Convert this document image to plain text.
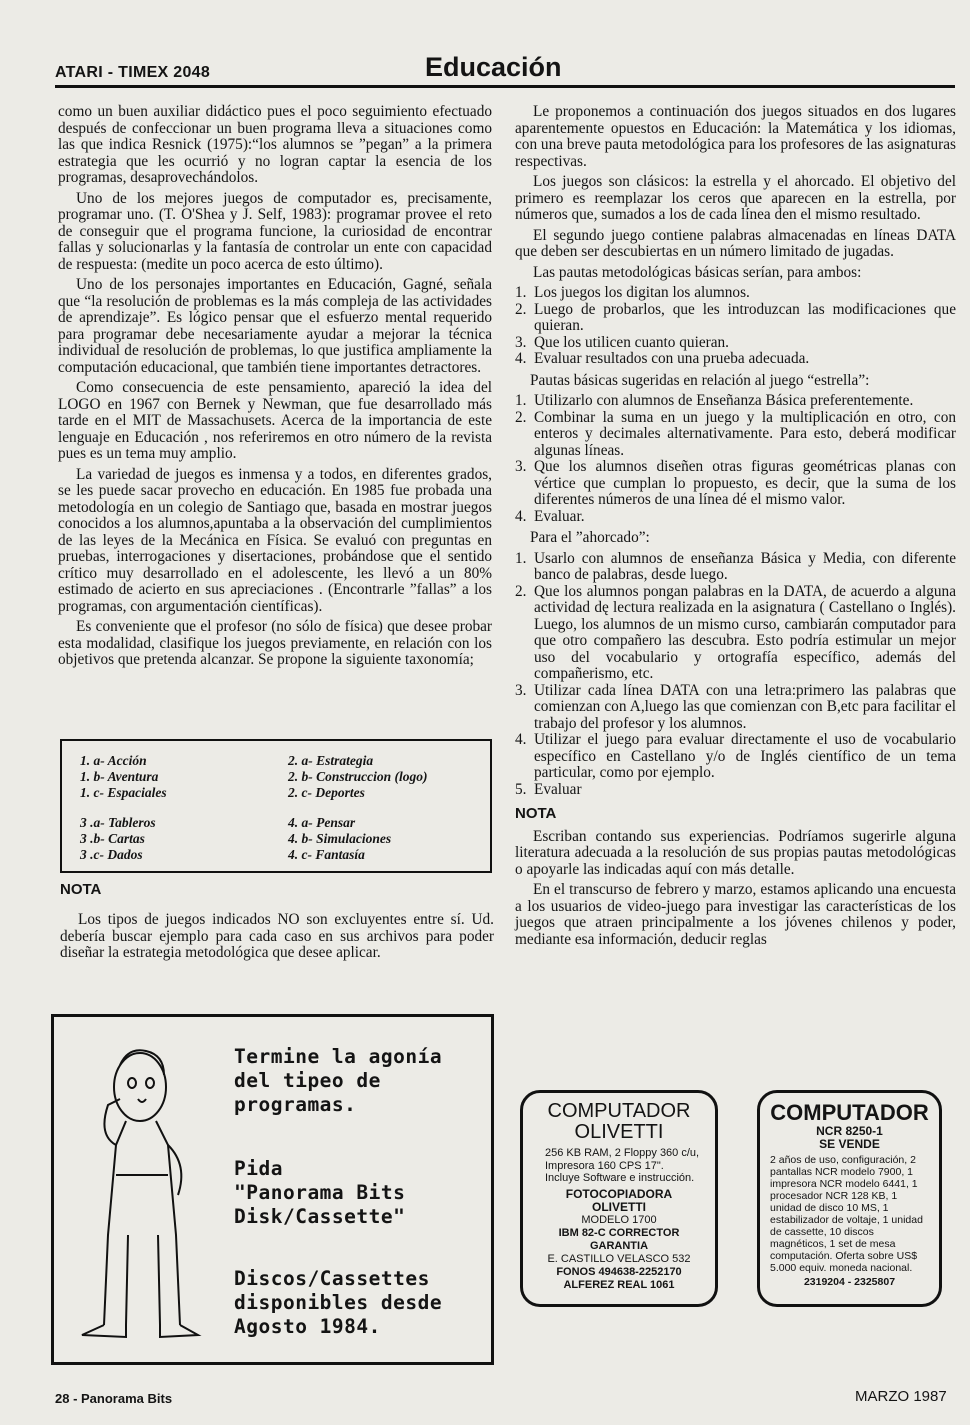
ATARI - TIMEX 2048	Educación

como un buen auxiliar didáctico pues el poco seguimiento efectuado después de confeccionar un buen programa lleva a situaciones como las que indica Resnick (1975):“los alumnos se ”pegan” a la primera estrategia que les ocurrió y no logran captar la esencia de los programas, desaprovechándolos.

Uno de los mejores juegos de computador es, precisamente, programar uno. (T. O'Shea y J. Self, 1983): programar provee el reto de conseguir que el programa funcione, la curiosidad de encontrar fallas y solucionarlas y la fantasía de controlar un ente con capacidad de respuesta: (medite un poco acerca de esto último).

Uno de los personajes importantes en Educación, Gagné, señala que “la resolución de problemas es la más compleja de las actividades de aprendizaje”. Es lógico pensar que el esfuerzo mental requerido para programar debe necesariamente ayudar a mejorar la técnica individual de resolución de problemas, lo que justifica ampliamente la computación educacional, que también tiene importantes detractores.

Como consecuencia de este pensamiento, apareció la idea del LOGO en 1967 con Bernek y Newman, que fue desarrollado más tarde en el MIT de Massachusets. Acerca de la importancia de este lenguaje en Educación , nos referiremos en otro número de la revista pues es un tema muy amplio.

La variedad de juegos es inmensa y a todos, en diferentes grados, se les puede sacar provecho en educación. En 1985 fue probada una metodología en un colegio de Santiago que, basada en mostrar juegos conocidos a los alumnos,apuntaba a la observación del cumplimientos de las leyes de la Mecánica en Física. Se evaluó con preguntas en pruebas, interrogaciones y disertaciones, probándose que el sentido crítico muy desarrollado en el adolescente, les llevó a un 80% estimado de acierto en sus apreciaciones . (Encontrarle ”fallas” a los programas, con argumentación científicas).

Es conveniente que el profesor (no sólo de física) que desee probar esta modalidad, clasifique los juegos previamente, en relación con los objetivos que pretenda alcanzar. Se propone la siguiente taxonomía;

1. a- Acción
1. b- Aventura
1. c- Espaciales
3 .a- Tableros
3 .b- Cartas
3 .c- Dados
2. a- Estrategia
2. b- Construccion (logo)
2. c- Deportes
4. a- Pensar
4. b- Simulaciones
4. c- Fantasía
NOTA

Los tipos de juegos indicados NO son excluyentes entre sí. Ud. debería buscar ejemplo para cada caso en sus archivos para poder diseñar la estrategia metodológica que desee aplicar.

Le proponemos a continuación dos juegos situados en dos lugares aparentemente opuestos en Educación: la Matemática y los idiomas, con una breve pauta metodológica para los profesores de las asignaturas respectivas.

Los juegos son clásicos: la estrella y el ahorcado. El objetivo del primero es reemplazar los ceros que aparecen en la estrella, por números que, sumados a los de cada línea den el mismo resultado.

El segundo juego contiene palabras almacenadas en líneas DATA que deben ser descubiertas en un número limitado de jugadas.

Las pautas metodológicas básicas serían, para ambos:

1. Los juegos los digitan los alumnos.
2. Luego de probarlos, que les introduzcan las modificaciones que quieran.
3. Que los utilicen cuanto quieran.
4. Evaluar resultados con una prueba adecuada.

Pautas básicas sugeridas en relación al juego “estrella”:

1. Utilizarlo con alumnos de Enseñanza Básica preferentemente.
2. Combinar la suma en un juego y la multiplicación en otro, con enteros y decimales alternativamente. Para esto, deberá modificar algunas líneas.
3. Que los alumnos diseñen otras figuras geométricas planas con vértice que cumplan lo propuesto, es decir, que la suma de los diferentes números de una línea dé el mismo valor.
4. Evaluar.

Para el ”ahorcado”:

1. Usarlo con alumnos de enseñanza Básica y Media, con diferente banco de palabras, desde luego.
2. Que los alumnos pongan palabras en la DATA, de acuerdo a alguna actividad dę lectura realizada en la asignatura ( Castellano o Inglés). Luego, los alumnos de un mismo curso, cambiarán computador para que otro compañero las descubra. Esto podría estimular un mejor uso del vocabulario y ortografía específico, además del compañerismo, etc.
3. Utilizar cada línea DATA con una letra:primero las palabras que comienzan con A,luego las que comienzan con B,etc para facilitar el trabajo del profesor y los alumnos.
4. Utilizar el juego para evaluar directamente el uso de vocabulario específico en Castellano y/o de Inglés científico de un tema particular, como por ejemplo.
5. Evaluar
NOTA

Escriban contando sus experiencias. Podríamos sugerirle alguna literatura adecuada a la resolución de sus propias pautas metodológicas o apoyarle las indicadas aquí con más detalle.

En el transcurso de febrero y marzo, estamos aplicando una encuesta a los usuarios de video-juego para investigar las características de los juegos que atraen principalmente a los jóvenes chilenos y poder, mediante esa información, deducir reglas

Termine la agonía
del tipeo de
programas.
Pida
"Panorama Bits
Disk/Cassette"
Discos/Cassettes
disponibles desde
Agosto 1984.
COMPUTADOR
OLIVETTI
256 KB RAM, 2 Floppy 360 c/u, Impresora 160 CPS 17". Incluye Software e instrucción.
FOTOCOPIADORA
OLIVETTI
MODELO 1700
IBM 82-C CORRECTOR
GARANTIA
E. CASTILLO VELASCO 532
FONOS 494638-2252170
ALFEREZ REAL 1061
COMPUTADOR
NCR 8250-1
SE VENDE
2 años de uso, configuración, 2 pantallas NCR modelo 7900, 1 impresora NCR modelo 6441, 1 procesador NCR 128 KB, 1 unidad de disco 10 MS, 1 estabilizador de voltaje, 1 unidad de cassette, 10 discos magnéticos, 1 set de mesa computación. Oferta sobre US$ 5.000 equiv. moneda nacional.
2319204 - 2325807
28 - Panorama Bits	MARZO 1987
